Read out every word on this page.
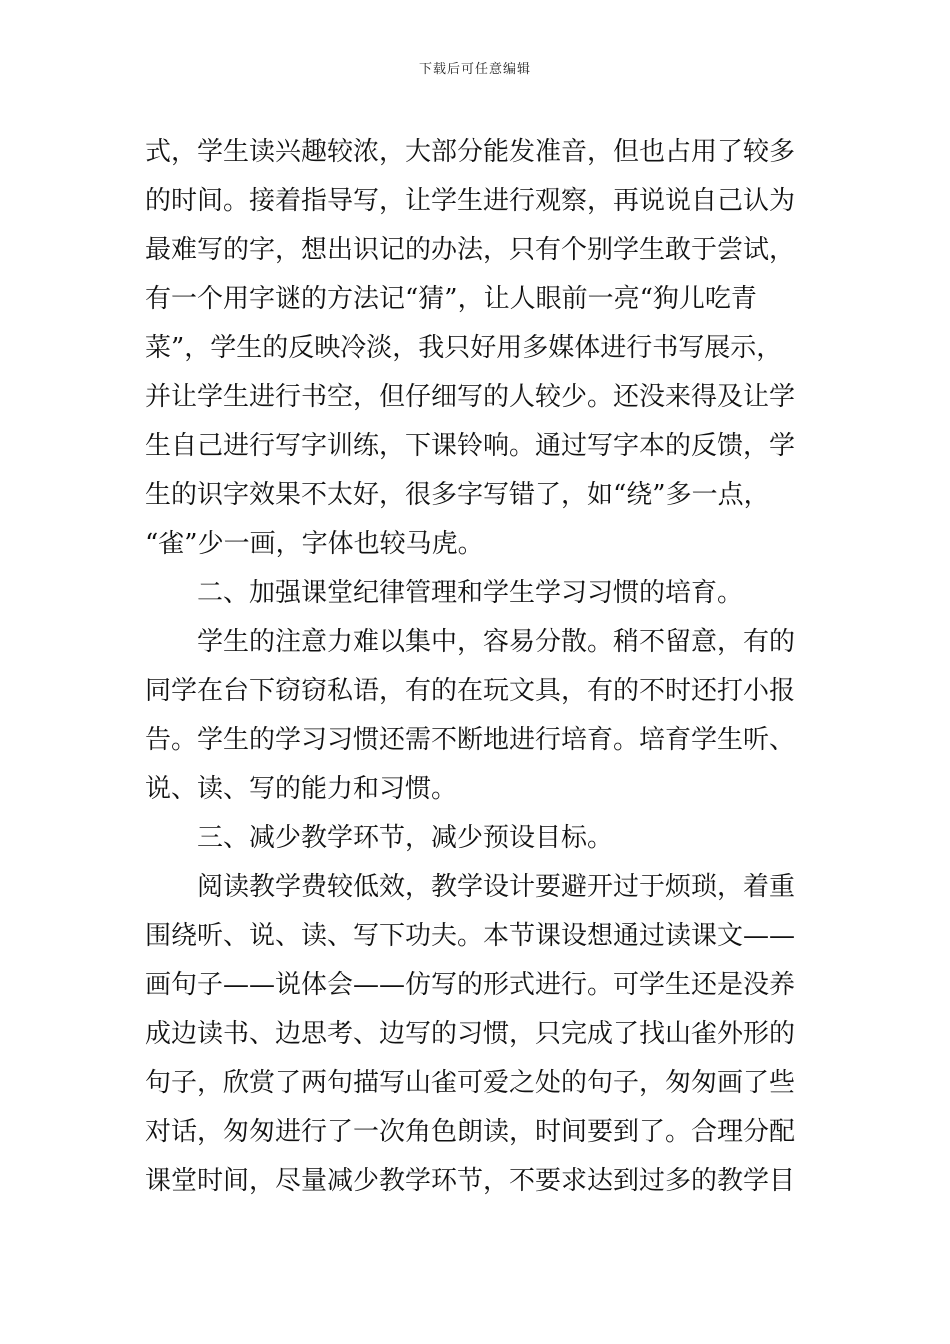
下载后可任意编辑
式，学生读兴趣较浓，大部分能发准音，但也占用了较多
的时间。接着指导写，让学生进行观察，再说说自己认为
最难写的字，想出识记的办法，只有个别学生敢于尝试，
有一个用字谜的方法记“猜”，让人眼前一亮“狗儿吃青
菜”，学生的反映冷淡，我只好用多媒体进行书写展示，
并让学生进行书空，但仔细写的人较少。还没来得及让学
生自己进行写字训练，下课铃响。通过写字本的反馈，学
生的识字效果不太好，很多字写错了，如“绕”多一点，
“雀”少一画，字体也较马虎。
二、加强课堂纪律管理和学生学习习惯的培育。
学生的注意力难以集中，容易分散。稍不留意，有的
同学在台下窃窃私语，有的在玩文具，有的不时还打小报
告。学生的学习习惯还需不断地进行培育。培育学生听、
说、读、写的能力和习惯。
三、减少教学环节，减少预设目标。
阅读教学费较低效，教学设计要避开过于烦琐，着重
围绕听、说、读、写下功夫。本节课设想通过读课文——
画句子——说体会——仿写的形式进行。可学生还是没养
成边读书、边思考、边写的习惯，只完成了找山雀外形的
句子，欣赏了两句描写山雀可爱之处的句子，匆匆画了些
对话，匆匆进行了一次角色朗读，时间要到了。合理分配
课堂时间，尽量减少教学环节，不要求达到过多的教学目
